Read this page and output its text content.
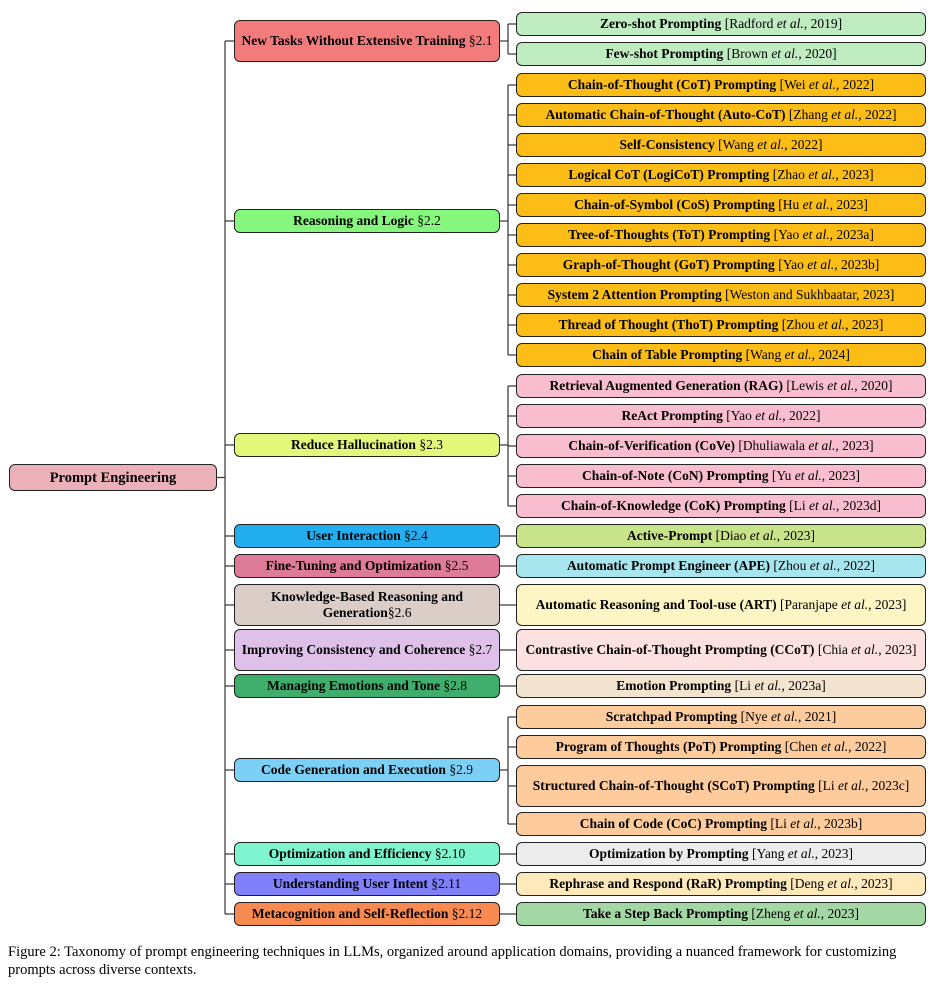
Prompt Engineering
New Tasks Without Extensive Training §2.1
Zero-shot Prompting [Radford et al., 2019]
Few-shot Prompting [Brown et al., 2020]
Reasoning and Logic §2.2
Chain-of-Thought (CoT) Prompting [Wei et al., 2022]
Automatic Chain-of-Thought (Auto-CoT) [Zhang et al., 2022]
Self-Consistency [Wang et al., 2022]
Logical CoT (LogiCoT) Prompting [Zhao et al., 2023]
Chain-of-Symbol (CoS) Prompting [Hu et al., 2023]
Tree-of-Thoughts (ToT) Prompting [Yao et al., 2023a]
Graph-of-Thought (GoT) Prompting [Yao et al., 2023b]
System 2 Attention Prompting [Weston and Sukhbaatar, 2023]
Thread of Thought (ThoT) Prompting [Zhou et al., 2023]
Chain of Table Prompting [Wang et al., 2024]
Reduce Hallucination §2.3
Retrieval Augmented Generation (RAG) [Lewis et al., 2020]
ReAct Prompting [Yao et al., 2022]
Chain-of-Verification (CoVe) [Dhuliawala et al., 2023]
Chain-of-Note (CoN) Prompting [Yu et al., 2023]
Chain-of-Knowledge (CoK) Prompting [Li et al., 2023d]
User Interaction §2.4	Active-Prompt [Diao et al., 2023]
Fine-Tuning and Optimization §2.5	Automatic Prompt Engineer (APE) [Zhou et al., 2022]
Knowledge-Based Reasoning and Generation§2.6
Automatic Reasoning and Tool-use (ART) [Paranjape et al., 2023]
Improving Consistency and Coherence §2.7 Contrastive Chain-of-Thought Prompting (CCoT) [Chia et al., 2023]
Managing Emotions and Tone §2.8	Emotion Prompting [Li et al., 2023a]
Code Generation and Execution §2.9
Scratchpad Prompting [Nye et al., 2021]
Program of Thoughts (PoT) Prompting [Chen et al., 2022]
Structured Chain-of-Thought (SCoT) Prompting [Li et al., 2023c]
Chain of Code (CoC) Prompting [Li et al., 2023b]
Optimization and Efficiency §2.10	Optimization by Prompting [Yang et al., 2023]
Understanding User Intent §2.11	Rephrase and Respond (RaR) Prompting [Deng et al., 2023]
Metacognition and Self-Reflection §2.12	Take a Step Back Prompting [Zheng et al., 2023]
Figure 2: Taxonomy of prompt engineering techniques in LLMs, organized around application domains, providing a nuanced framework for customizing prompts across diverse contexts.
